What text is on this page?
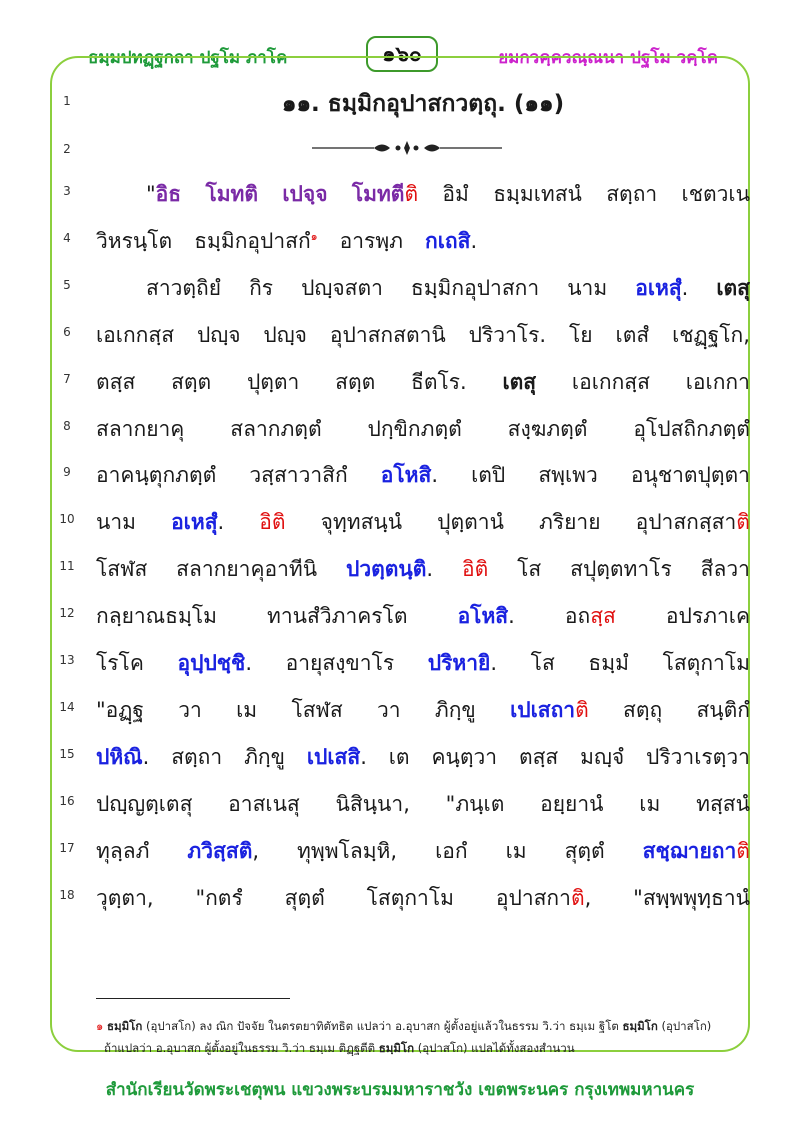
ธมฺมปทฏฺฐกถา ปฐโม ภาโค	๑๖๐	ยมกวคฺควณฺณนา ปฐโม วคฺโค
1	๑๑. ธมฺมิกอุปาสกวตฺถุ. (๑๑)
2
3	"อิธ โมทติ เปจฺจ โมทตีติ อิมํ ธมฺมเทสนํ สตฺถา เชตวเน
4	วิหรนฺโต ธมฺมิกอุปาสกํ$^๑$ อารพฺภ กเถสิ.
5	สาวตฺถิยํ กิร ปญฺจสตา ธมฺมิกอุปาสกา นาม อเหสุํ. เตสุ
6	เอเกกสฺส ปญฺจ ปญฺจ อุปาสกสตานิ ปริวาโร. โย เตสํ เชฏฺฐโก,
7	ตสฺส สตฺต ปุตฺตา สตฺต ธีตโร. เตสุ เอเกกสฺส เอเกกา
8	สลากยาคุ สลากภตฺตํ ปกฺขิกภตฺตํ สงฺฆภตฺตํ อุโปสถิกภตฺตํ
9	อาคนฺตุกภตฺตํ วสฺสาวาสิกํ อโหสิ. เตปิ สพฺเพว อนุชาตปุตฺตา
10	นาม อเหสุํ. อิติ จุทฺทสนฺนํ ปุตฺตานํ ภริยาย อุปาสกสฺสาติ
11	โสฬส สลากยาคุอาทีนิ ปวตฺตนฺติ. อิติ โส สปุตฺตทาโร สีลวา
12	กลฺยาณธมฺโม ทานสํวิภาครโต อโหสิ. อถสฺส อปรภาเค
13	โรโค อุปฺปชฺชิ. อายุสงฺขาโร ปริหายิ. โส ธมฺมํ โสตุกาโม
14	"อฏฺฐ วา เม โสฬส วา ภิกฺขู เปเสถาติ สตฺถุ สนฺติกํ
15	ปหิณิ. สตฺถา ภิกฺขู เปเสสิ. เต คนฺตฺวา ตสฺส มญฺจํ ปริวาเรตฺวา
16	ปญฺญตฺเตสุ อาสเนสุ นิสินฺนา, "ภนฺเต อยฺยานํ เม ทสฺสนํ
17	ทุลฺลภํ ภวิสฺสติ, ทุพฺพโลมฺหิ, เอกํ เม สุตฺตํ สชฺฌายถาติ
18	วุตฺตา, "กตรํ สุตฺตํ โสตุกาโม อุปาสกาติ, "สพฺพพุทฺธานํ
๑ ธมฺมิโก (อุปาสโก) ลง ณิก ปัจจัย ในตรตยาทิตัทธิต แปลว่า อ.อุบาสก ผู้ตั้งอยู่แล้วในธรรม วิ.ว่า ธมฺเม ฐิโต ธมฺมิโก (อุปาสโก)
ถ้าแปลว่า อ.อุบาสก ผู้ตั้งอยู่ในธรรม วิ.ว่า ธมฺเม ติฏฺฐตีติ ธมฺมิโก (อุปาสโก) แปลได้ทั้งสองสำนวน
สำนักเรียนวัดพระเชตุพน แขวงพระบรมมหาราชวัง เขตพระนคร กรุงเทพมหานคร
